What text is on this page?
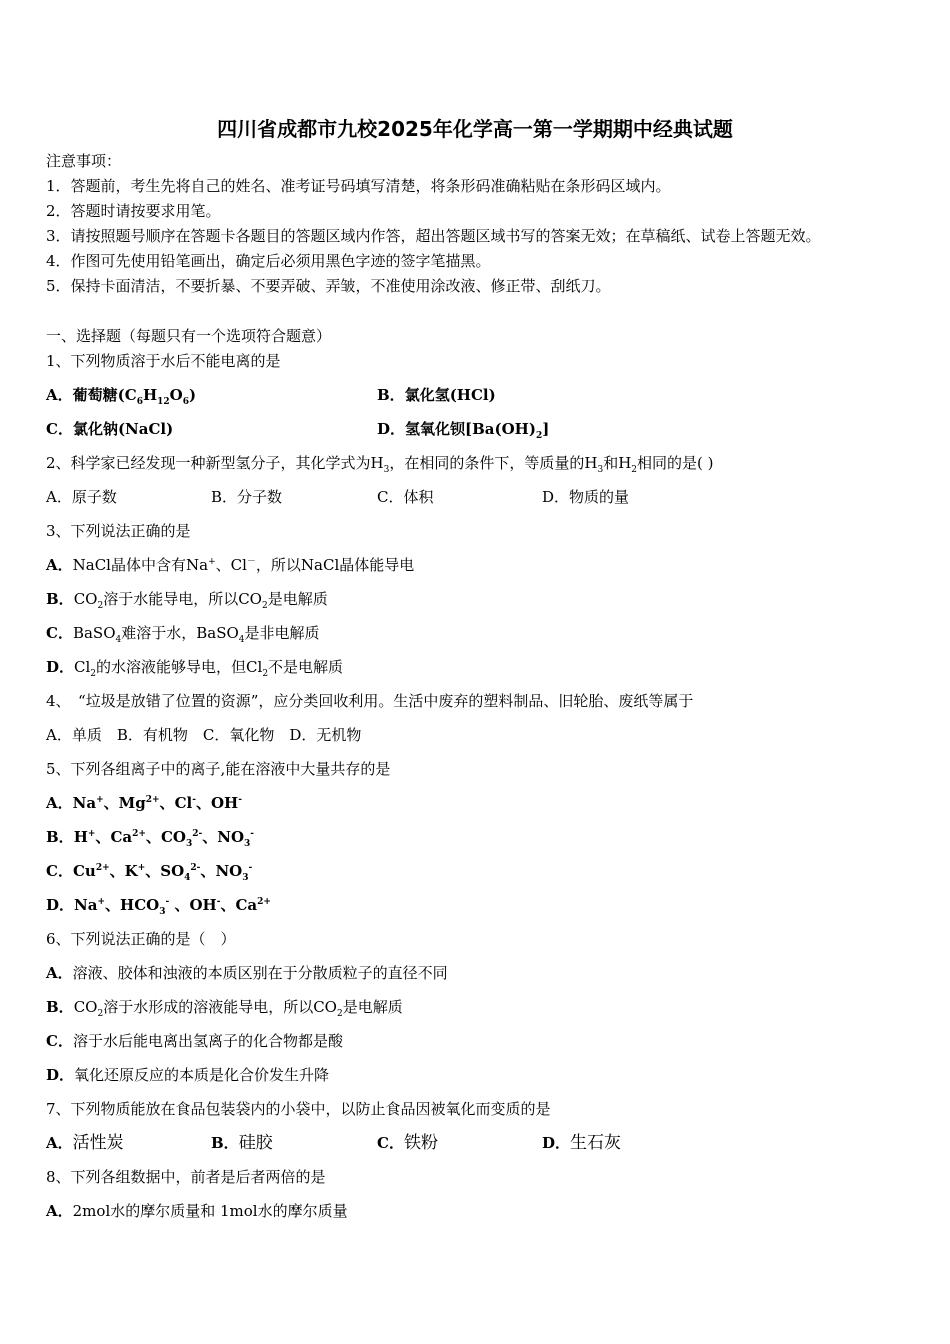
四川省成都市九校2025年化学高一第一学期期中经典试题
注意事项：
1．答题前，考生先将自己的姓名、准考证号码填写清楚，将条形码准确粘贴在条形码区域内。
2．答题时请按要求用笔。
3．请按照题号顺序在答题卡各题目的答题区域内作答，超出答题区域书写的答案无效；在草稿纸、试卷上答题无效。
4．作图可先使用铅笔画出，确定后必须用黑色字迹的签字笔描黑。
5．保持卡面清洁，不要折暴、不要弄破、弄皱，不准使用涂改液、修正带、刮纸刀。
一、选择题（每题只有一个选项符合题意）
1、下列物质溶于水后不能电离的是
A．葡萄糖$(C_6H_{12}O_6)$	B．氯化氢(HCl)
C．氯化钠(NaCl)	D．氢氧化钡$[Ba(OH)_2]$
2、科学家已经发现一种新型氢分子，其化学式为$H_3$，在相同的条件下，等质量的$H_3$和$H_2$相同的是( )
A．原子数	B．分子数	C．体积	D．物质的量
3、下列说法正确的是
A．NaCl晶体中含有Na+、Cl－，所以NaCl晶体能导电
B．$CO_2$溶于水能导电，所以$CO_2$是电解质
C．BaSO$_4$难溶于水，BaSO$_4$是非电解质
D．$Cl_2$的水溶液能够导电，但$Cl_2$不是电解质
4、　“垃圾是放错了位置的资源”，应分类回收利用。生活中废弃的塑料制品、旧轮胎、废纸等属于
A．单质　B．有机物　C．氧化物　D．无机物
5、下列各组离子中的离子,能在溶液中大量共存的是
A．Na+、$Mg^{2+}$、Cl-、OH-
B．H+、$Ca^{2+}$、$CO_3^{2-}$、$NO_3^-$
C．$Cu^{2+}$、K+、$SO_4^{2-}$、$NO_3^-$
D．Na+、$HCO_3^-$ 、OH-、$Ca^{2+}$
6、下列说法正确的是（　）
A．溶液、胶体和浊液的本质区别在于分散质粒子的直径不同
B．$CO_2$溶于水形成的溶液能导电，所以$CO_2$是电解质
C．溶于水后能电离出氢离子的化合物都是酸
D．氧化还原反应的本质是化合价发生升降
7、下列物质能放在食品包装袋内的小袋中，以防止食品因被氧化而变质的是
A．活性炭	B．硅胶	C．铁粉	D．生石灰
8、下列各组数据中，前者是后者两倍的是
A．2mol水的摩尔质量和 1mol水的摩尔质量
